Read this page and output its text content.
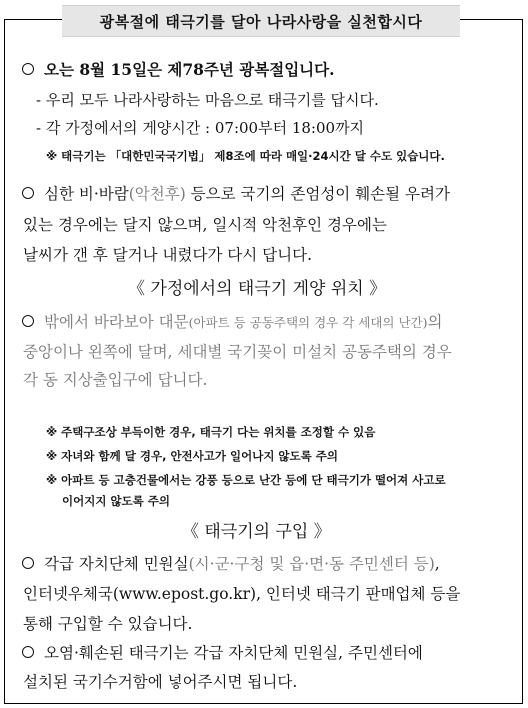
광복절에 태극기를 달아 나라사랑을 실천합시다
오는 8월 15일은 제78주년 광복절입니다.
- 우리 모두 나라사랑하는 마음으로 태극기를 답시다.
- 각 가정에서의 게양시간 : 07:00부터 18:00까지
※ 태극기는 「대한민국국기법」 제8조에 따라 매일·24시간 달 수도 있습니다.
심한 비·바람(악천후) 등으로 국기의 존엄성이 훼손될 우려가
있는 경우에는 달지 않으며, 일시적 악천후인 경우에는
날씨가 갠 후 달거나 내렸다가 다시 답니다.
《 가정에서의 태극기 게양 위치 》
밖에서 바라보아 대문(아파트 등 공동주택의 경우 각 세대의 난간)의
중앙이나 왼쪽에 달며, 세대별 국기꽂이 미설치 공동주택의 경우
각 동 지상출입구에 답니다.
※ 주택구조상 부득이한 경우, 태극기 다는 위치를 조정할 수 있음
※ 자녀와 함께 달 경우, 안전사고가 일어나지 않도록 주의
※ 아파트 등 고층건물에서는 강풍 등으로 난간 등에 단 태극기가 떨어져 사고로
이어지지 않도록 주의
《 태극기의 구입 》
각급 자치단체 민원실(시·군·구청 및 읍·면·동 주민센터 등),
인터넷우체국(www.epost.go.kr), 인터넷 태극기 판매업체 등을
통해 구입할 수 있습니다.
오염·훼손된 태극기는 각급 자치단체 민원실, 주민센터에
설치된 국기수거함에 넣어주시면 됩니다.
